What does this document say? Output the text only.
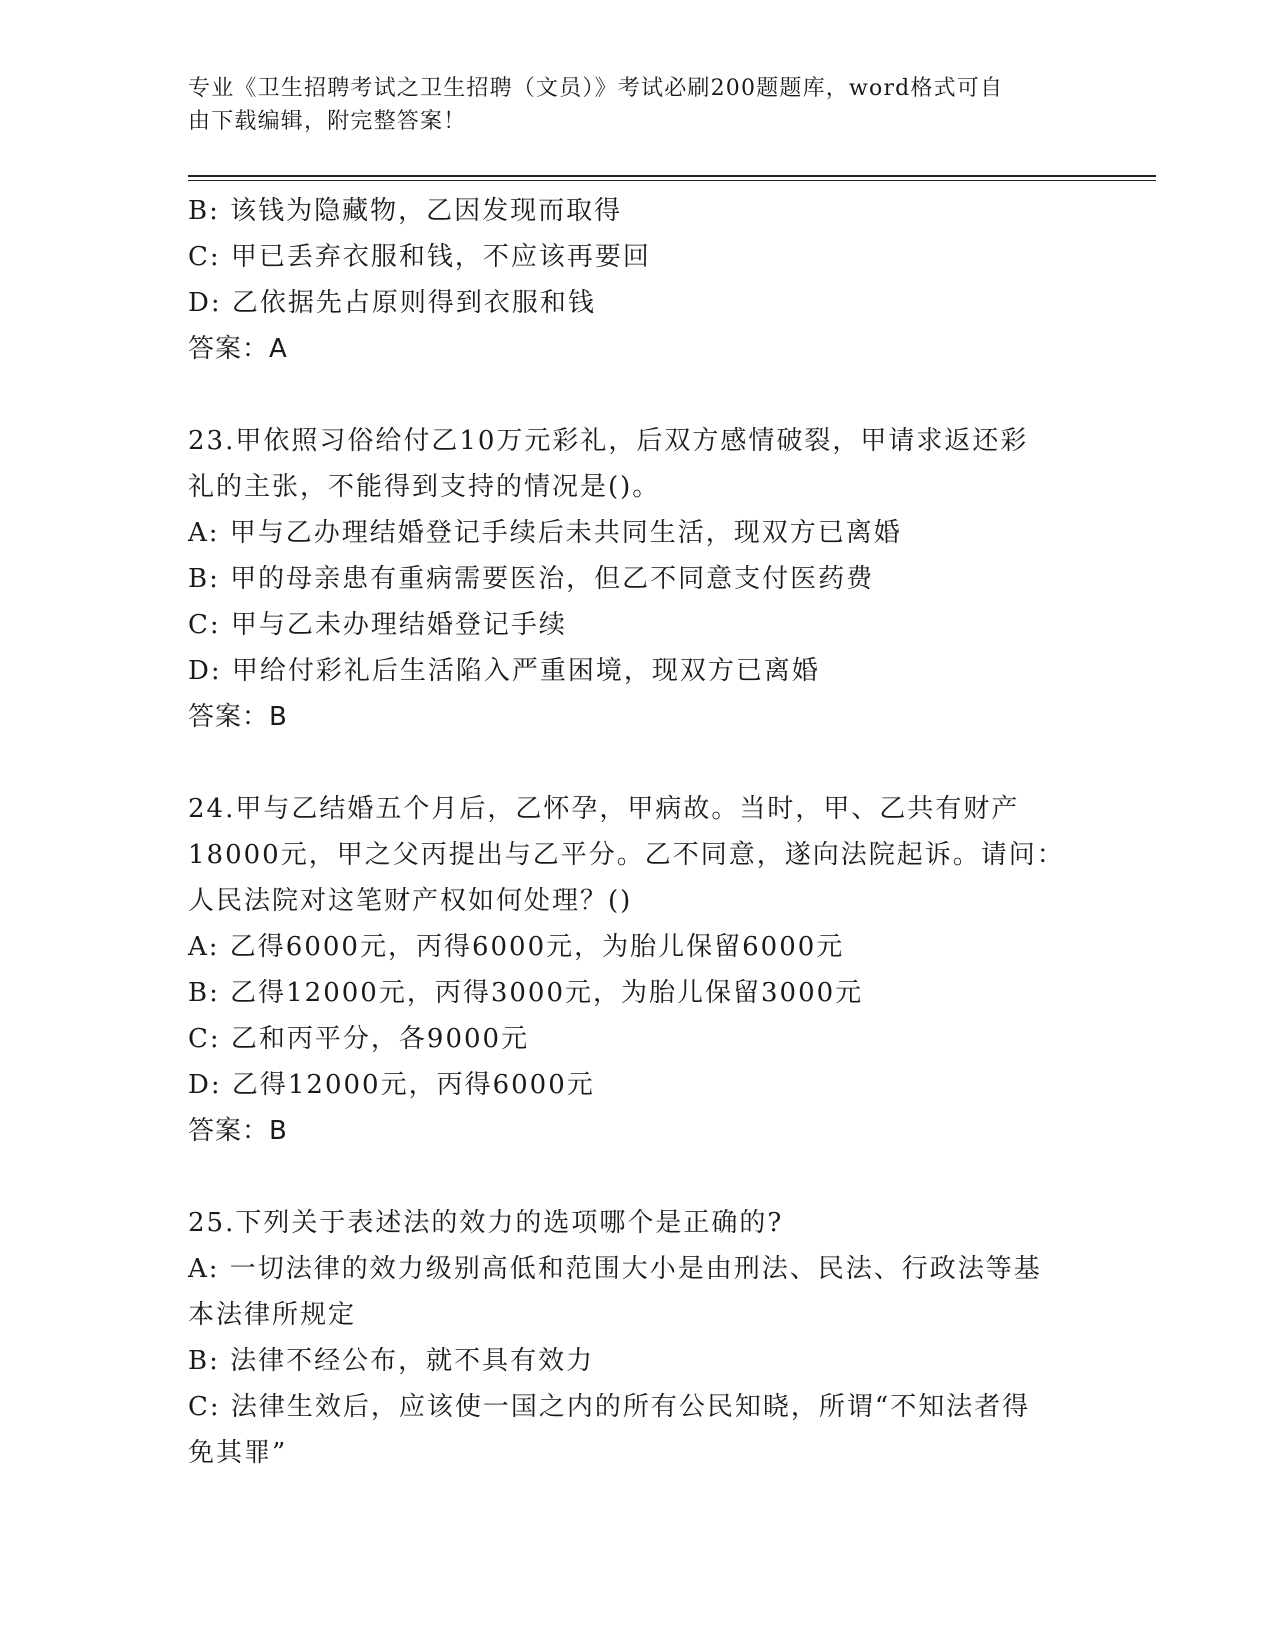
专业《卫生招聘考试之卫生招聘（文员）》考试必刷200题题库，word格式可自
由下载编辑，附完整答案！
B: 该钱为隐藏物，乙因发现而取得
C: 甲已丢弃衣服和钱，不应该再要回
D: 乙依据先占原则得到衣服和钱
答案：A
23.甲依照习俗给付乙10万元彩礼，后双方感情破裂，甲请求返还彩
礼的主张，不能得到支持的情况是()。
A: 甲与乙办理结婚登记手续后未共同生活，现双方已离婚
B: 甲的母亲患有重病需要医治，但乙不同意支付医药费
C: 甲与乙未办理结婚登记手续
D: 甲给付彩礼后生活陷入严重困境，现双方已离婚
答案：B
24.甲与乙结婚五个月后，乙怀孕，甲病故。当时，甲、乙共有财产
18000元，甲之父丙提出与乙平分。乙不同意，遂向法院起诉。请问：
人民法院对这笔财产权如何处理？()
A: 乙得6000元，丙得6000元，为胎儿保留6000元
B: 乙得12000元，丙得3000元，为胎儿保留3000元
C: 乙和丙平分，各9000元
D: 乙得12000元，丙得6000元
答案：B
25.下列关于表述法的效力的选项哪个是正确的?
A: 一切法律的效力级别高低和范围大小是由刑法、民法、行政法等基
本法律所规定
B: 法律不经公布，就不具有效力
C: 法律生效后，应该使一国之内的所有公民知晓，所谓“不知法者得
免其罪”
